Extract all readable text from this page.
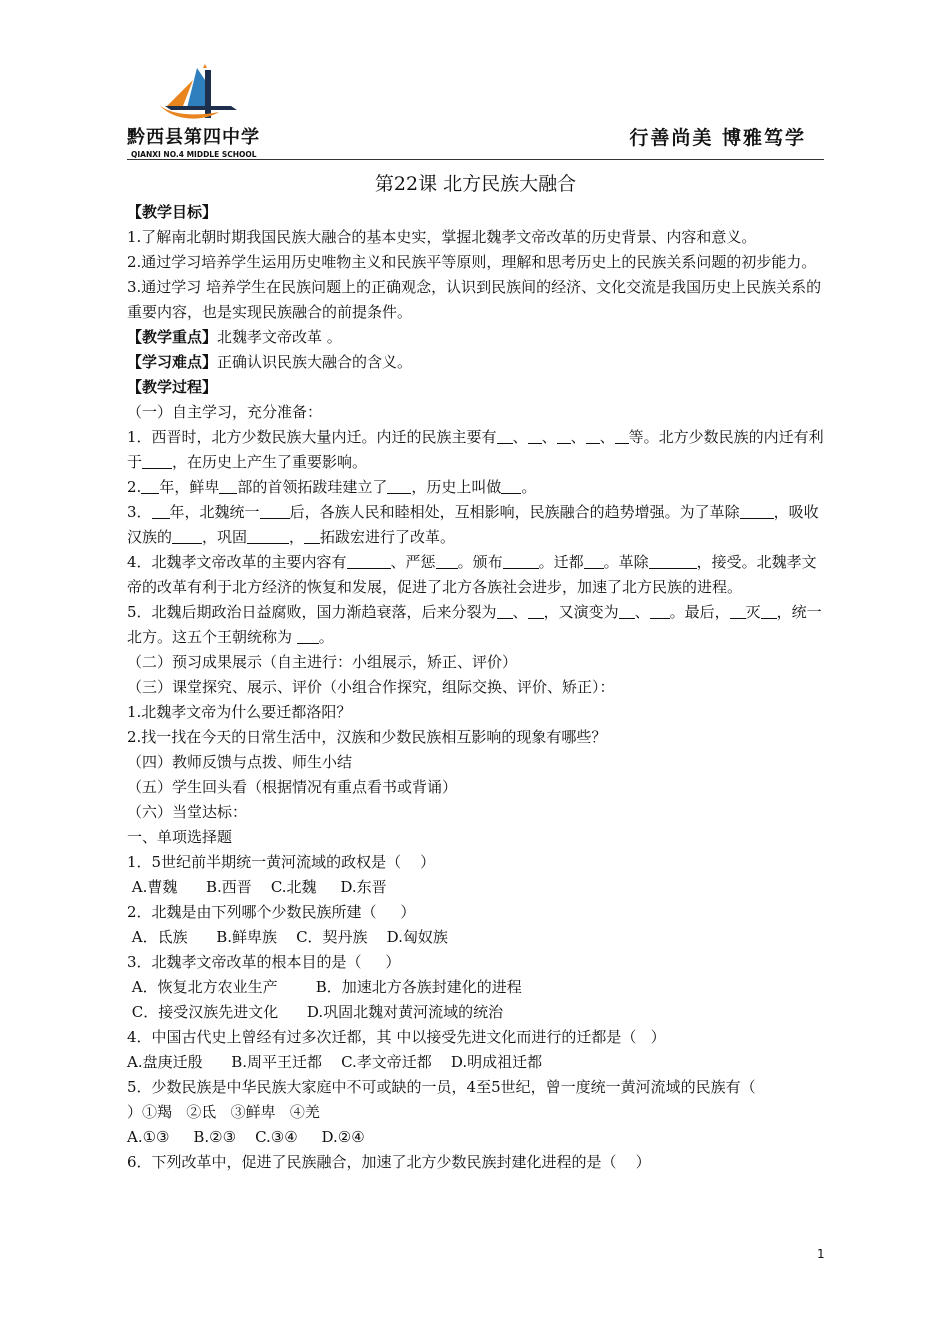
黔西县第四中学
QIANXI NO.4 MIDDLE SCHOOL
行善尚美 博雅笃学
第22课 北方民族大融合

【教学目标】

1.了解南北朝时期我国民族大融合的基本史实，掌握北魏孝文帝改革的历史背景、内容和意义。

2.通过学习培养学生运用历史唯物主义和民族平等原则，理解和思考历史上的民族关系问题的初步能力。

3.通过学习 培养学生在民族问题上的正确观念，认识到民族间的经济、文化交流是我国历史上民族关系的重要内容，也是实现民族融合的前提条件。

【教学重点】北魏孝文帝改革 。

【学习难点】正确认识民族大融合的含义。

【教学过程】

（一）自主学习，充分准备：

1．西晋时，北方少数民族大量内迁。内迁的民族主要有 、 、 、 、 等。北方少数民族的内迁有利于 ，在历史上产生了重要影响。

2. 年，鲜卑 部的首领拓跋珪建立了 ，历史上叫做 。

3． 年，北魏统一 后，各族人民和睦相处，互相影响，民族融合的趋势增强。为了革除 ，吸收汉族的 ，巩固	， 拓跋宏进行了改革。

4．北魏孝文帝改革的主要内容有	、严惩 。颁布 。迁都 。革除	，接受。北魏孝文帝的改革有利于北方经济的恢复和发展，促进了北方各族社会进步，加速了北方民族的进程。

5．北魏后期政治日益腐败，国力渐趋衰落，后来分裂为 、 ，又演变为 、 。最后， 灭 ，统一北方。这五个王朝统称为 。

（二）预习成果展示（自主进行：小组展示，矫正、评价）

（三）课堂探究、展示、评价（小组合作探究，组际交换、评价、矫正）：

1.北魏孝文帝为什么要迁都洛阳？

2.找一找在今天的日常生活中，汉族和少数民族相互影响的现象有哪些？

（四）教师反馈与点拨、师生小结

（五）学生回头看（根据情况有重点看书或背诵）

（六）当堂达标：

一、单项选择题

1．5世纪前半期统一黄河流域的政权是（    ）

A.曹魏      B.西晋    C.北魏     D.东晋

2．北魏是由下列哪个少数民族所建（     ）

A．氐族      B.鲜卑族    C．契丹族    D.匈奴族

3．北魏孝文帝改革的根本目的是（     ）

A．恢复北方农业生产        B．加速北方各族封建化的进程

C．接受汉族先进文化      D.巩固北魏对黄河流域的统治

4．中国古代史上曾经有过多次迁都，其 中以接受先进文化而进行的迁都是（   ）

A.盘庚迁殷      B.周平王迁都    C.孝文帝迁都    D.明成祖迁都

5．少数民族是中华民族大家庭中不可或缺的一员，4至5世纪，曾一度统一黄河流域的民族有（

）①羯   ②氐   ③鲜卑   ④羌

A.①③     B.②③    C.③④     D.②④

6．下列改革中，促进了民族融合，加速了北方少数民族封建化进程的是（    ）

1
